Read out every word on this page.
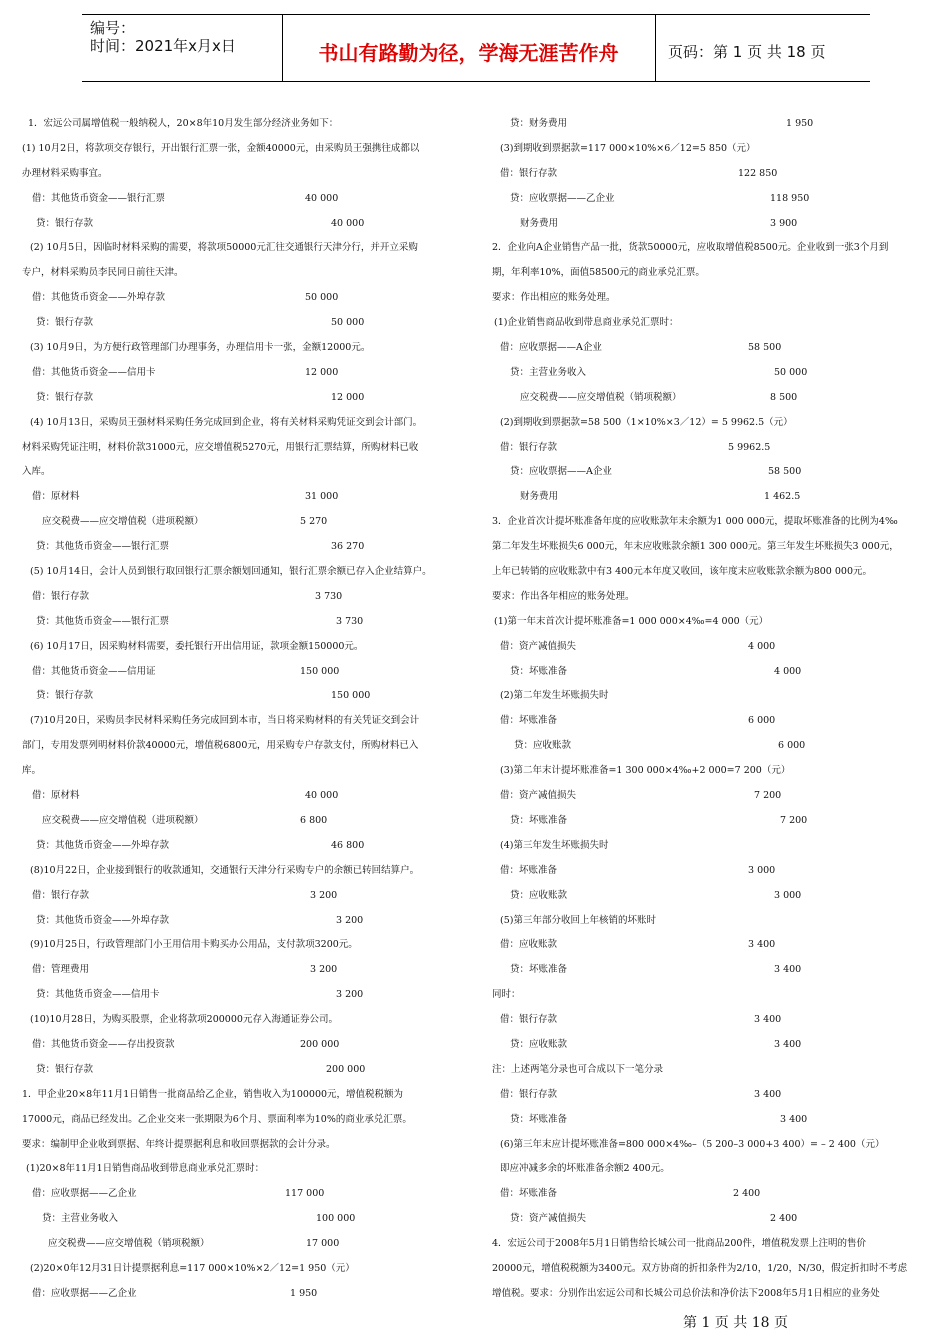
编号：
时间：2021年x月x日	书山有路勤为径，学海无涯苦作舟	页码：第 1 页 共 18 页
1．宏远公司属增值税一般纳税人，20×8年10月发生部分经济业务如下：
(1) 10月2日，将款项交存银行，开出银行汇票一张，金额40000元，由采购员王强携往成都以
办理材料采购事宜。
借：其他货币资金——银行汇票	40 000
贷：银行存款	40 000
(2) 10月5日，因临时材料采购的需要，将款项50000元汇往交通银行天津分行，并开立采购
专户，材料采购员李民同日前往天津。
借：其他货币资金——外埠存款	50 000
贷：银行存款	50 000
(3) 10月9日，为方便行政管理部门办理事务，办理信用卡一张，金额12000元。
借：其他货币资金——信用卡	12 000
贷：银行存款	12 000
(4) 10月13日，采购员王强材料采购任务完成回到企业，将有关材料采购凭证交到会计部门。
材料采购凭证注明，材料价款31000元，应交增值税5270元，用银行汇票结算，所购材料已收
入库。
借：原材料	31 000
应交税费——应交增值税（进项税额）	5 270
贷：其他货币资金——银行汇票	36 270
(5) 10月14日，会计人员到银行取回银行汇票余额划回通知，银行汇票余额已存入企业结算户。
借：银行存款	3 730
贷：其他货币资金——银行汇票	3 730
(6) 10月17日，因采购材料需要，委托银行开出信用证，款项金额150000元。
借：其他货币资金——信用证	150 000
贷：银行存款	150 000
(7)10月20日，采购员李民材料采购任务完成回到本市，当日将采购材料的有关凭证交到会计
部门，专用发票列明材料价款40000元，增值税6800元，用采购专户存款支付，所购材料已入
库。
借：原材料	40 000
应交税费——应交增值税（进项税额）	6 800
贷：其他货币资金——外埠存款	46 800
(8)10月22日，企业接到银行的收款通知，交通银行天津分行采购专户的余额已转回结算户。
借：银行存款	3 200
贷：其他货币资金——外埠存款	3 200
(9)10月25日，行政管理部门小王用信用卡购买办公用品，支付款项3200元。
借：管理费用	3 200
贷：其他货币资金——信用卡	3 200
(10)10月28日，为购买股票，企业将款项200000元存入海通证券公司。
借：其他货币资金——存出投资款	200 000
贷：银行存款	200 000
1．甲企业20×8年11月1日销售一批商品给乙企业，销售收入为100000元，增值税税额为
17000元，商品已经发出。乙企业交来一张期限为6个月、票面利率为10%的商业承兑汇票。
要求：编制甲企业收到票据、年终计提票据利息和收回票据款的会计分录。
(1)20×8年11月1日销售商品收到带息商业承兑汇票时：
借：应收票据——乙企业	117 000
贷：主营业务收入	100 000
应交税费——应交增值税（销项税额）	17 000
(2)20×0年12月31日计提票据利息=117 000×10%×2／12=1 950（元）
借：应收票据——乙企业	1 950
贷：财务费用	1 950
(3)到期收到票据款=117 000×10%×6／12=5 850（元）
借：银行存款	122 850
贷：应收票据——乙企业	118 950
财务费用	3 900
2．企业向A企业销售产品一批，货款50000元，应收取增值税8500元。企业收到一张3个月到
期，年利率10%，面值58500元的商业承兑汇票。
要求：作出相应的账务处理。
(1)企业销售商品收到带息商业承兑汇票时：
借：应收票据——A企业	58 500
贷：主营业务收入	50 000
应交税费——应交增值税（销项税额）	8 500
(2)到期收到票据款=58 500（1×10%×3／12）= 5 9962.5（元）
借：银行存款	5 9962.5
贷：应收票据——A企业	58 500
财务费用	1 462.5
3．企业首次计提坏账准备年度的应收账款年末余额为1 000 000元，提取坏账准备的比例为4‰
第二年发生坏账损失6 000元，年末应收账款余额1 300 000元。第三年发生坏账损失3 000元，
上年已转销的应收账款中有3 400元本年度又收回，该年度末应收账款余额为800 000元。
要求：作出各年相应的账务处理。
(1)第一年末首次计提坏账准备=1 000 000×4‰=4 000（元）
借：资产减值损失	4 000
贷：坏账准备	4 000
(2)第二年发生坏账损失时
借：坏账准备	6 000
贷：应收账款	6 000
(3)第二年末计提坏账准备=1 300 000×4‰+2 000=7 200（元）
借：资产减值损失	7 200
贷：坏账准备	7 200
(4)第三年发生坏账损失时
借：坏账准备	3 000
贷：应收账款	3 000
(5)第三年部分收回上年核销的坏账时
借：应收账款	3 400
贷：坏账准备	3 400
同时：
借：银行存款	3 400
贷：应收账款	3 400
注：上述两笔分录也可合成以下一笔分录
借：银行存款	3 400
贷：坏账准备	3 400
(6)第三年末应计提坏账准备=800 000×4‰–（5 200–3 000+3 400）= – 2 400（元）
即应冲减多余的坏账准备余额2 400元。
借：坏账准备	2 400
贷：资产减值损失	2 400
4．宏远公司于2008年5月1日销售给长城公司一批商品200件，增值税发票上注明的售价
20000元，增值税税额为3400元。双方协商的折扣条件为2/10，1/20，N/30，假定折扣时不考虑
增值税。要求：分别作出宏远公司和长城公司总价法和净价法下2008年5月1日相应的业务处
第 1 页 共 18 页
